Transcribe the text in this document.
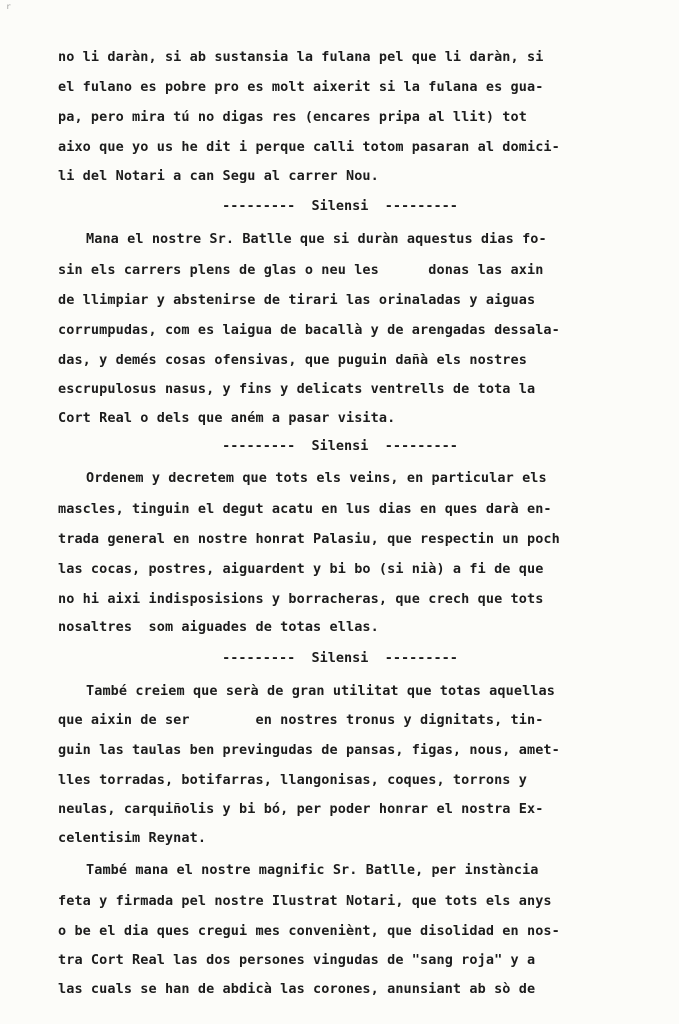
r
no li daràn, si ab sustansia la fulana pel que li daràn, si
el fulano es pobre pro es molt aixerit si la fulana es gua-
pa, pero mira tú no digas res (encares pripa al llit) tot
aixo que yo us he dit i perque calli totom pasaran al domici-
li del Notari a can Segu al carrer Nou.
---------  Silensi  ---------
Mana el nostre Sr. Batlle que si duràn aquestus dias fo-
sin els carrers plens de glas o neu les      donas las axin
de llimpiar y abstenirse de tirari las orinaladas y aiguas
corrumpudas, com es laigua de bacallà y de arengadas dessala-
das, y demés cosas ofensivas, que puguin dañà els nostres
escrupulosus nasus, y fins y delicats ventrells de tota la
Cort Real o dels que aném a pasar visita.
---------  Silensi  ---------
Ordenem y decretem que tots els veins, en particular els
mascles, tinguin el degut acatu en lus dias en ques darà en-
trada general en nostre honrat Palasiu, que respectin un poch
las cocas, postres, aiguardent y bi bo (si nià) a fi de que
no hi aixi indisposisions y borracheras, que crech que tots
nosaltres  som aiguades de totas ellas.
---------  Silensi  ---------
També creiem que serà de gran utilitat que totas aquellas
que aixin de ser        en nostres tronus y dignitats, tin-
guin las taulas ben previngudas de pansas, figas, nous, amet-
lles torradas, botifarras, llangonisas, coques, torrons y
neulas, carquiñolis y bi bó, per poder honrar el nostra Ex-
celentisim Reynat.
També mana el nostre magnific Sr. Batlle, per instància
feta y firmada pel nostre Ilustrat Notari, que tots els anys
o be el dia ques cregui mes conveniènt, que disolidad en nos-
tra Cort Real las dos persones vingudas de "sang roja" y a
las cuals se han de abdicà las corones, anunsiant ab sò de
